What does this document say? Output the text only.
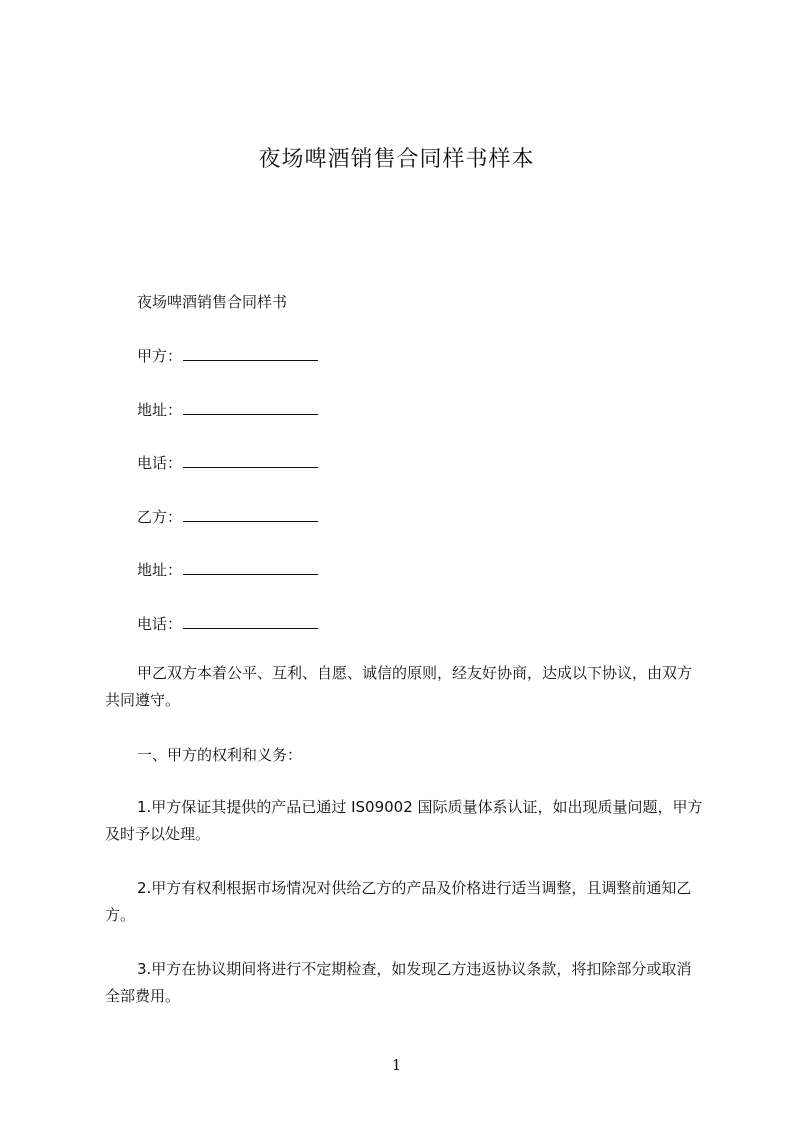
夜场啤酒销售合同样书样本
夜场啤酒销售合同样书
甲方：
地址：
电话：
乙方：
地址：
电话：
甲乙双方本着公平、互利、自愿、诚信的原则，经友好协商，达成以下协议，由双方共同遵守。
一、甲方的权利和义务：
1.甲方保证其提供的产品已通过 IS09002 国际质量体系认证，如出现质量问题，甲方及时予以处理。
2.甲方有权利根据市场情况对供给乙方的产品及价格进行适当调整，且调整前通知乙方。
3.甲方在协议期间将进行不定期检查，如发现乙方违返协议条款，将扣除部分或取消全部费用。
1
